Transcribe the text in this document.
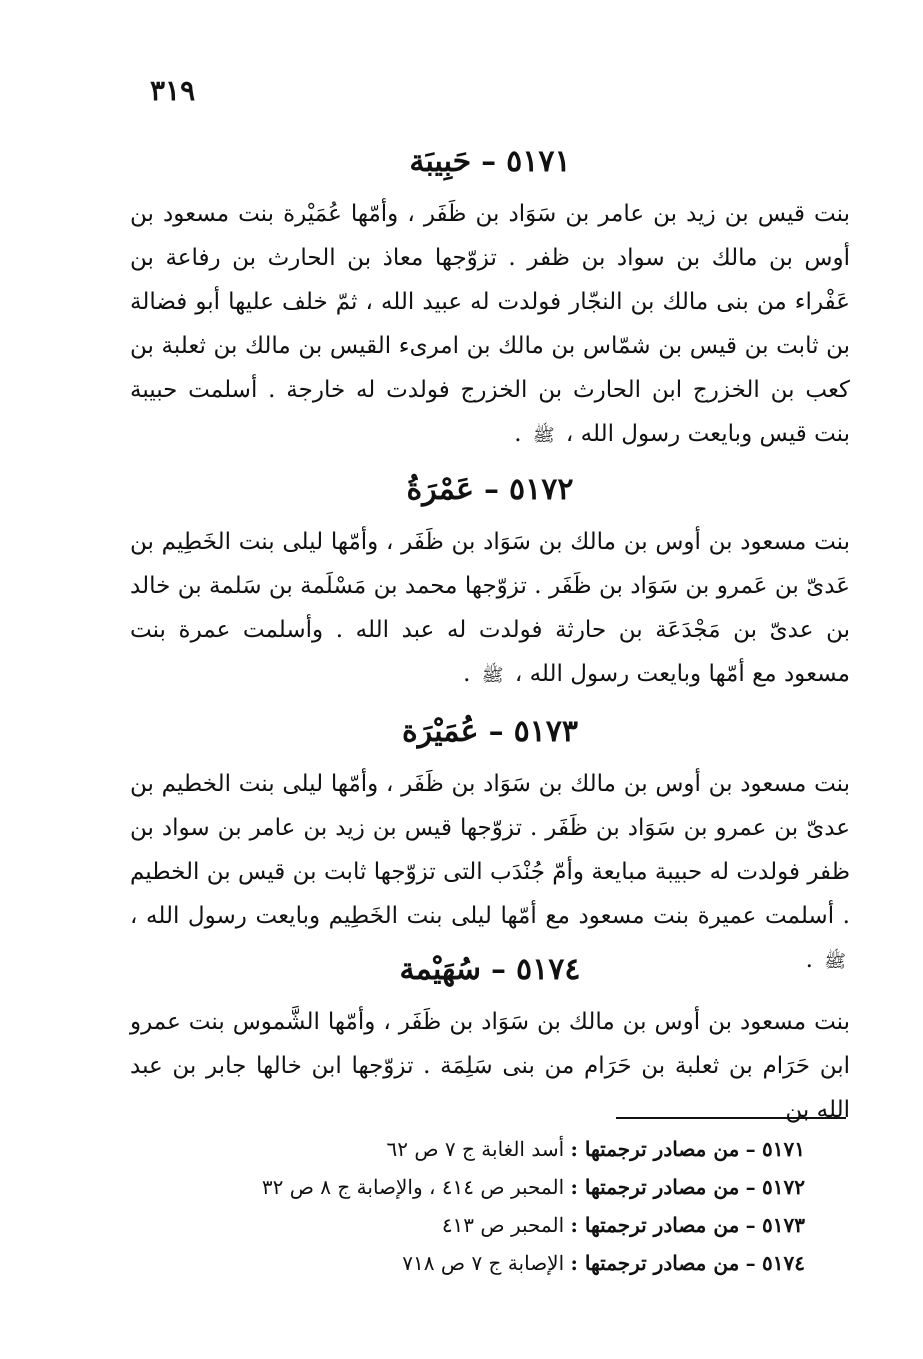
٣١٩
٥١٧١–حَبِيبَة

بنت قيس بن زيد بن عامر بن سَوَاد بن ظَفَر ، وأمّها عُمَيْرة بنت مسعود بن أوس بن مالك بن سواد بن ظفر . تزوّجها معاذ بن الحارث بن رفاعة بن عَفْراء من بنى مالك بن النجّار فولدت له عبيد الله ، ثمّ خلف عليها أبو فضالة بن ثابت بن قيس بن شمّاس بن مالك بن امرىء القيس بن مالك بن ثعلبة بن كعب بن الخزرج ابن الحارث بن الخزرج فولدت له خارجة . أسلمت حبيبة بنت قيس وبايعت رسول الله ، ﷺ .

٥١٧٢–عَمْرَةُ

بنت مسعود بن أوس بن مالك بن سَوَاد بن ظَفَر ، وأمّها ليلى بنت الخَطِيم بن عَدىّ بن عَمرو بن سَوَاد بن ظَفَر . تزوّجها محمد بن مَسْلَمة بن سَلمة بن خالد بن عدىّ بن مَجْدَعَة بن حارثة فولدت له عبد الله . وأسلمت عمرة بنت مسعود مع أمّها وبايعت رسول الله ، ﷺ .

٥١٧٣–عُمَيْرَة

بنت مسعود بن أوس بن مالك بن سَوَاد بن ظَفَر ، وأمّها ليلى بنت الخطيم بن عدىّ بن عمرو بن سَوَاد بن ظَفَر . تزوّجها قيس بن زيد بن عامر بن سواد بن ظفر فولدت له حبيبة مبايعة وأمّ جُنْدَب التى تزوّجها ثابت بن قيس بن الخطيم . أسلمت عميرة بنت مسعود مع أمّها ليلى بنت الخَطِيم وبايعت رسول الله ، ﷺ .

٥١٧٤–سُهَيْمة

بنت مسعود بن أوس بن مالك بن سَوَاد بن ظَفَر ، وأمّها الشَّموس بنت عمرو ابن حَرَام بن ثعلبة بن حَرَام من بنى سَلِمَة . تزوّجها ابن خالها جابر بن عبد الله بن

٥١٧١ – من مصادر ترجمتها : أسد الغابة ج ٧ ص ٦٢
٥١٧٢ – من مصادر ترجمتها : المحبر ص ٤١٤ ، والإصابة ج ٨ ص ٣٢
٥١٧٣ – من مصادر ترجمتها : المحبر ص ٤١٣
٥١٧٤ – من مصادر ترجمتها : الإصابة ج ٧ ص ٧١٨
